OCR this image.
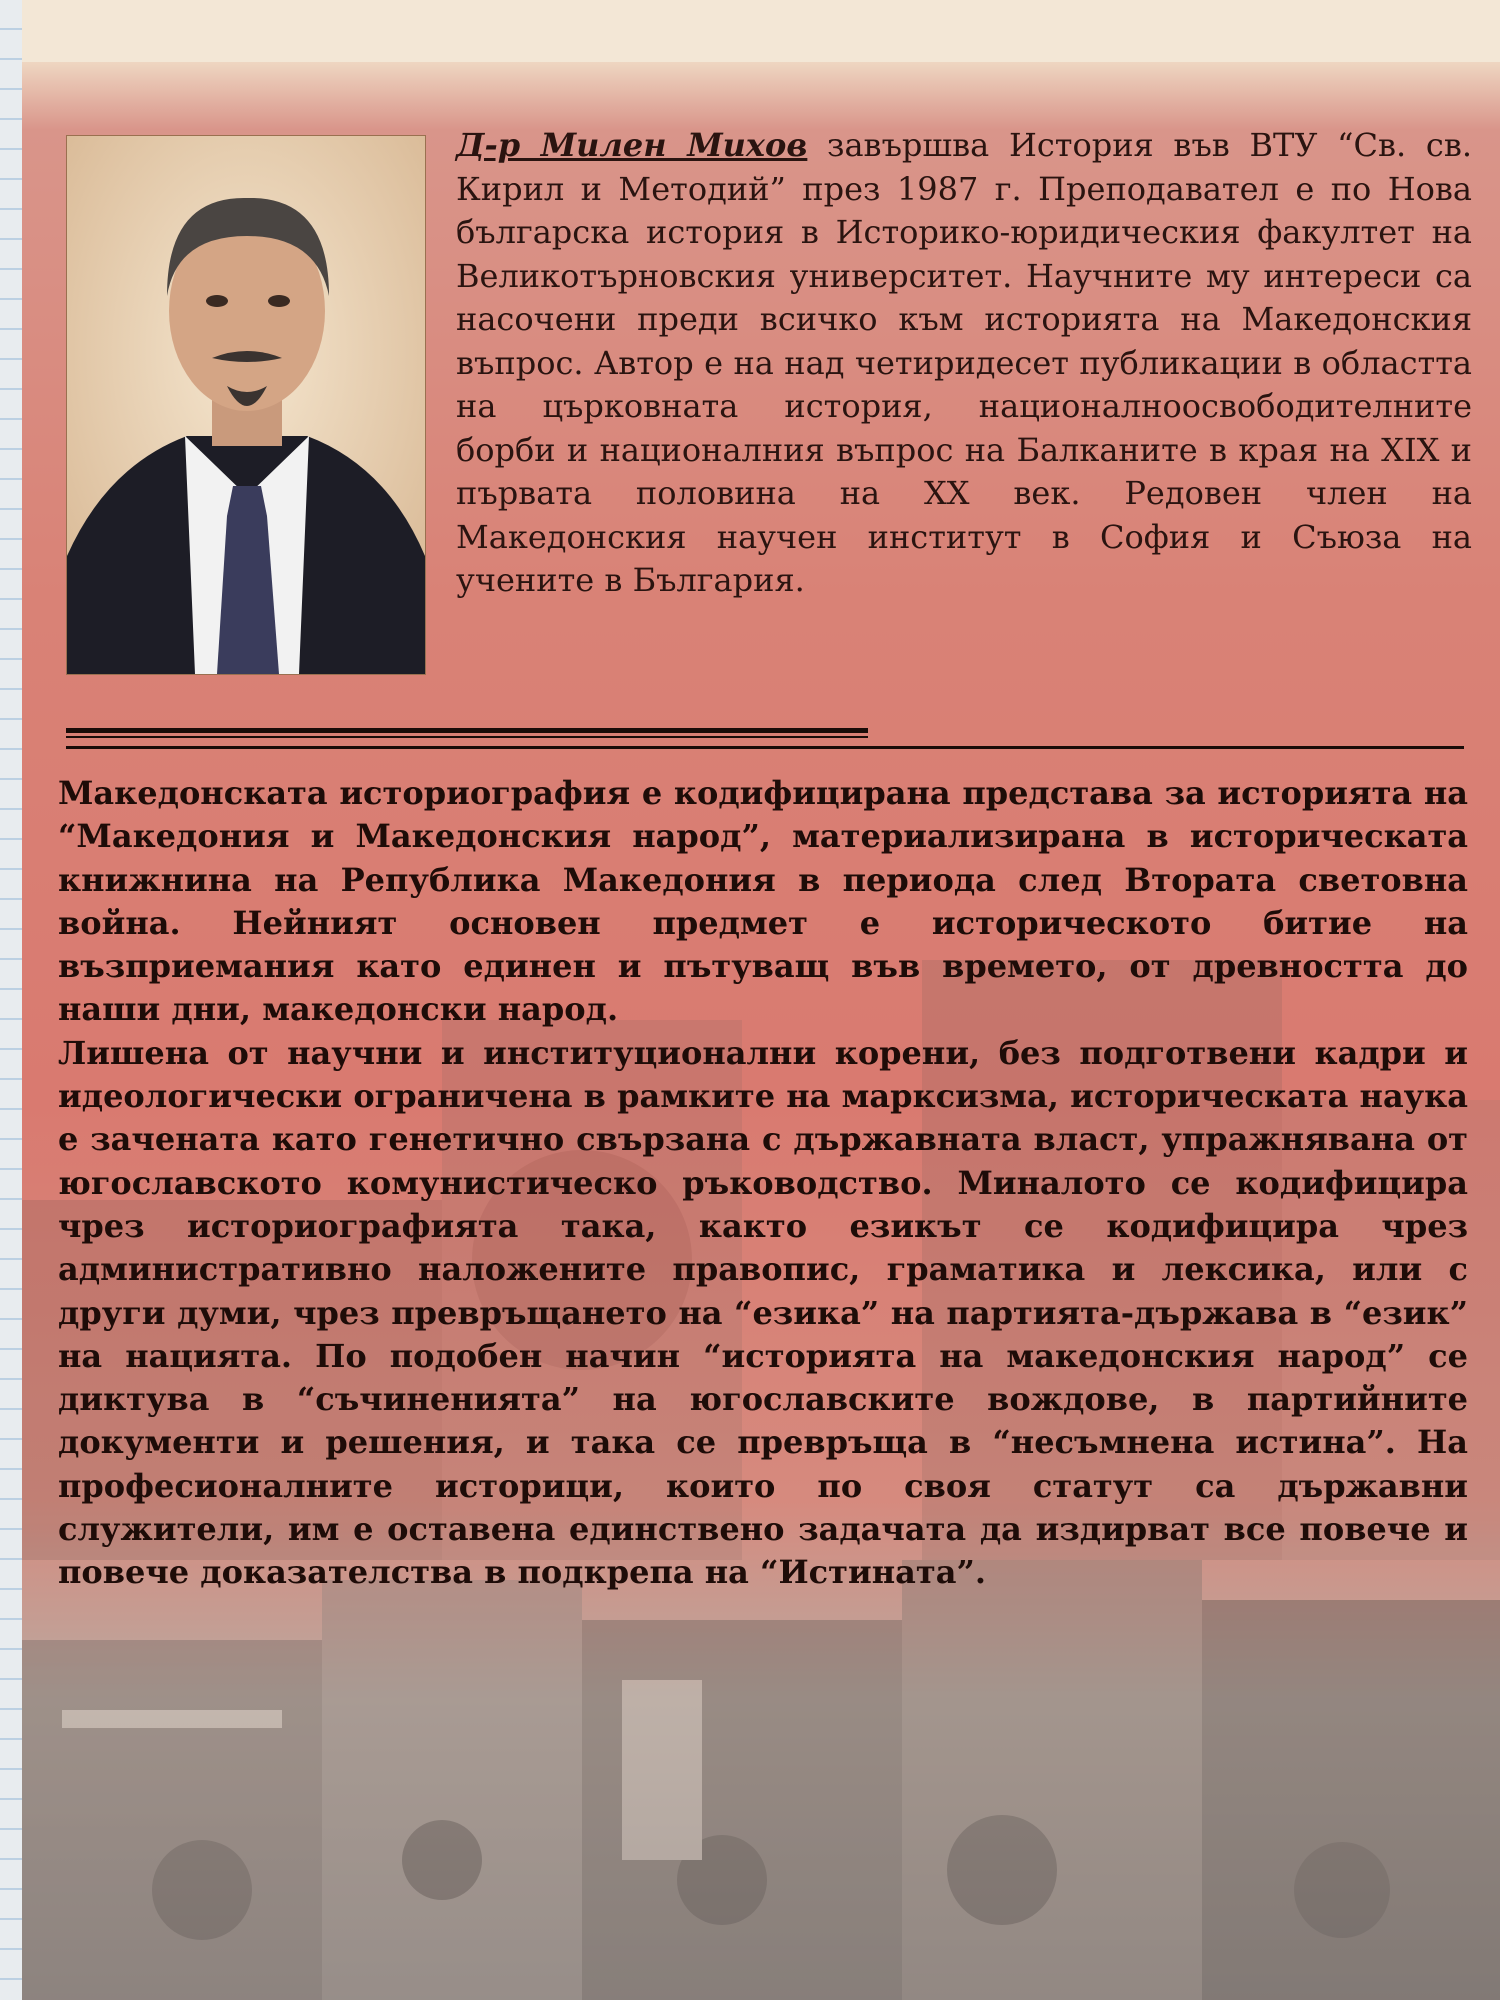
Д-р Милен Михов завършва История във ВТУ “Св. св. Кирил и Методий” през 1987 г. Преподавател е по Нова българска история в Историко-юридическия факултет на Великотърновския университет. Научните му интереси са насочени преди всичко към историята на Македонския въпрос. Автор е на над четиридесет публикации в областта на църковната история, националноосвободителните борби и националния въпрос на Балканите в края на XIX и първата половина на XX век. Редовен член на Македонския научен институт в София и Съюза на учените в България.

Македонската историография е кодифицирана представа за историята на “Македония и Македонския народ”, материализирана в историческата книжнина на Република Македония в периода след Втората световна война. Нейният основен предмет е историческото битие на възприемания като единен и пътуващ във времето, от древността до наши дни, македонски народ.

Лишена от научни и институционални корени, без подготвени кадри и идеологически ограничена в рамките на марксизма, историческата наука е зачената като генетично свързана с държавната власт, упражнявана от югославското комунистическо ръководство. Миналото се кодифицира чрез историографията така, както езикът се кодифицира чрез административно наложените правопис, граматика и лексика, или с други думи, чрез превръщането на “езика” на партията-държава в “език” на нацията. По подобен начин “историята на македонския народ” се диктува в “съчиненията” на югославските вождове, в партийните документи и решения, и така се превръща в “несъмнена истина”. На професионалните историци, които по своя статут са държавни служители, им е оставена единствено задачата да издирват все повече и повече доказателства в подкрепа на “Истината”.
